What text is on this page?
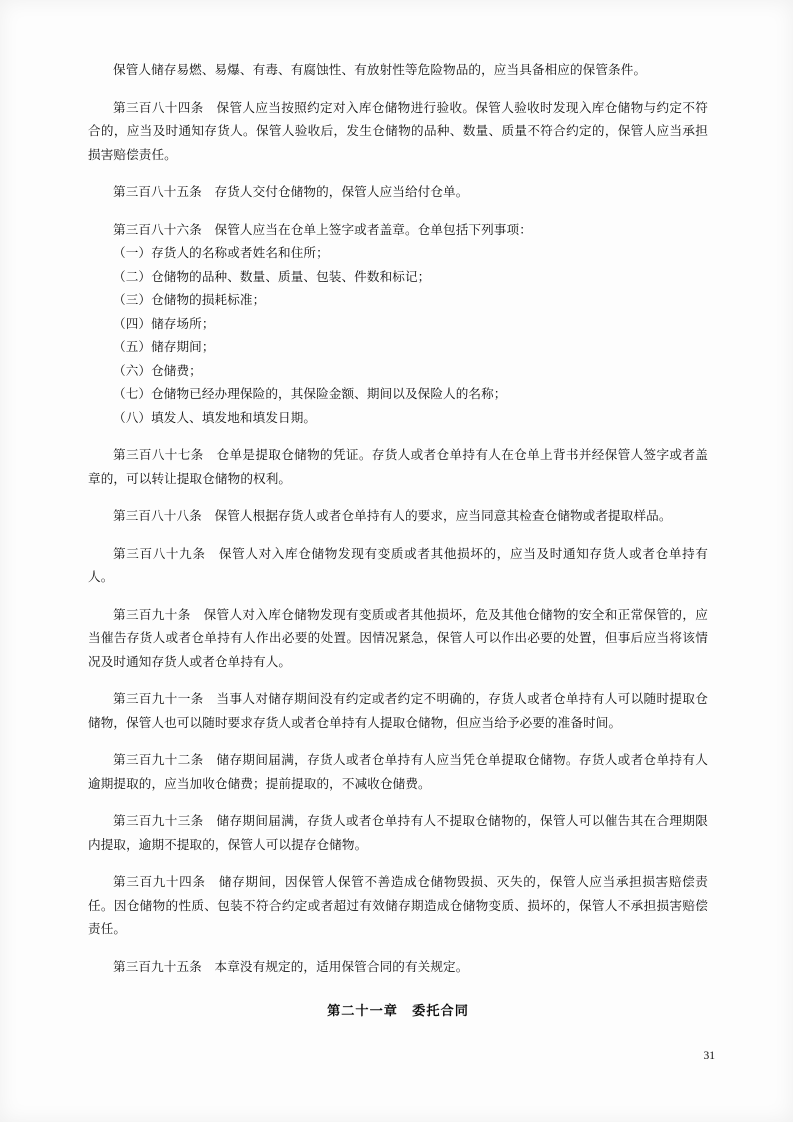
保管人储存易燃、易爆、有毒、有腐蚀性、有放射性等危险物品的，应当具备相应的保管条件。

第三百八十四条　保管人应当按照约定对入库仓储物进行验收。保管人验收时发现入库仓储物与约定不符合的，应当及时通知存货人。保管人验收后，发生仓储物的品种、数量、质量不符合约定的，保管人应当承担损害赔偿责任。

第三百八十五条　存货人交付仓储物的，保管人应当给付仓单。

第三百八十六条　保管人应当在仓单上签字或者盖章。仓单包括下列事项：

（一）存货人的名称或者姓名和住所；

（二）仓储物的品种、数量、质量、包装、件数和标记；

（三）仓储物的损耗标准；

（四）储存场所；

（五）储存期间；

（六）仓储费；

（七）仓储物已经办理保险的，其保险金额、期间以及保险人的名称；

（八）填发人、填发地和填发日期。

第三百八十七条　仓单是提取仓储物的凭证。存货人或者仓单持有人在仓单上背书并经保管人签字或者盖章的，可以转让提取仓储物的权利。

第三百八十八条　保管人根据存货人或者仓单持有人的要求，应当同意其检查仓储物或者提取样品。

第三百八十九条　保管人对入库仓储物发现有变质或者其他损坏的，应当及时通知存货人或者仓单持有人。

第三百九十条　保管人对入库仓储物发现有变质或者其他损坏，危及其他仓储物的安全和正常保管的，应当催告存货人或者仓单持有人作出必要的处置。因情况紧急，保管人可以作出必要的处置，但事后应当将该情况及时通知存货人或者仓单持有人。

第三百九十一条　当事人对储存期间没有约定或者约定不明确的，存货人或者仓单持有人可以随时提取仓储物，保管人也可以随时要求存货人或者仓单持有人提取仓储物，但应当给予必要的准备时间。

第三百九十二条　储存期间届满，存货人或者仓单持有人应当凭仓单提取仓储物。存货人或者仓单持有人逾期提取的，应当加收仓储费；提前提取的，不减收仓储费。

第三百九十三条　储存期间届满，存货人或者仓单持有人不提取仓储物的，保管人可以催告其在合理期限内提取，逾期不提取的，保管人可以提存仓储物。

第三百九十四条　储存期间，因保管人保管不善造成仓储物毁损、灭失的，保管人应当承担损害赔偿责任。因仓储物的性质、包装不符合约定或者超过有效储存期造成仓储物变质、损坏的，保管人不承担损害赔偿责任。

第三百九十五条　本章没有规定的，适用保管合同的有关规定。

第二十一章　委托合同
31
